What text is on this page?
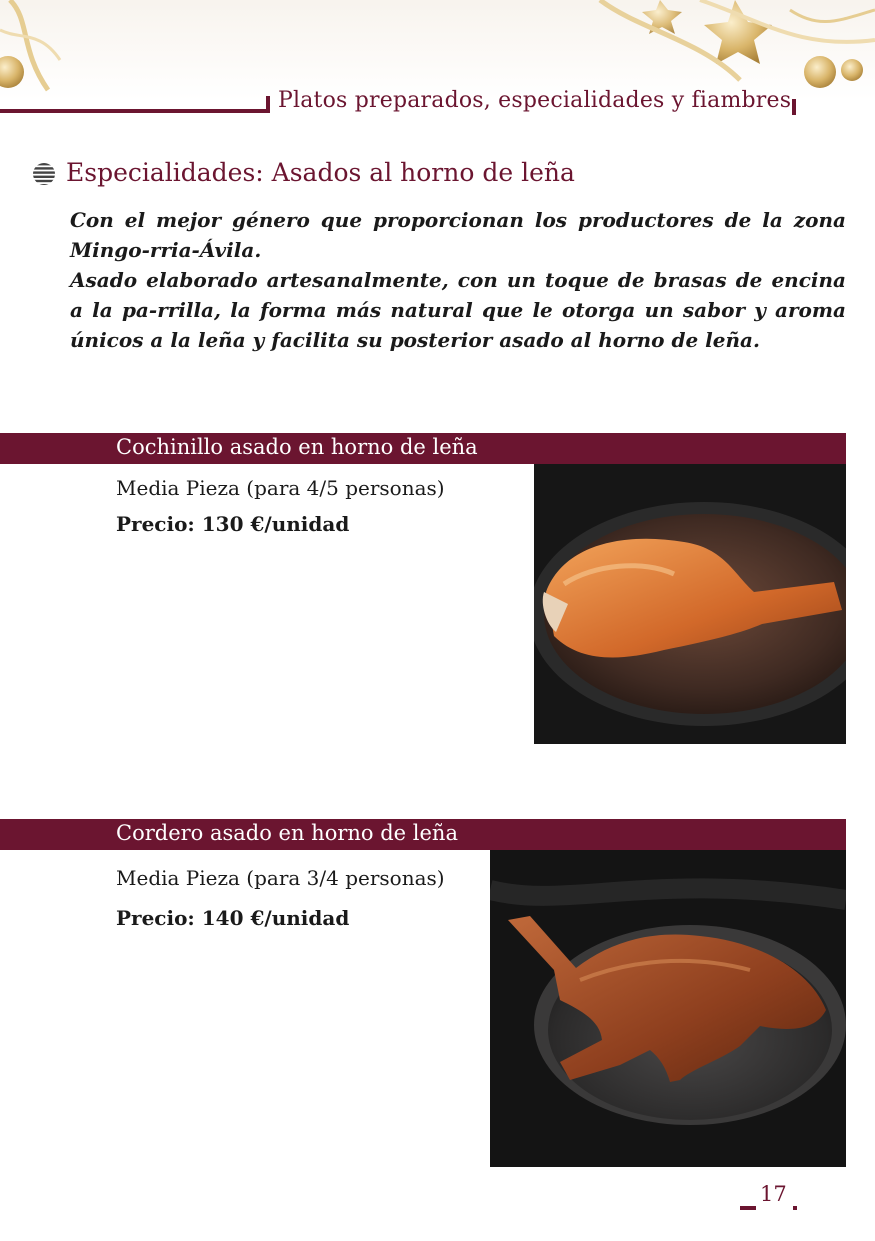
Platos preparados, especialidades y fiambres
Especialidades: Asados al horno de leña

Con el mejor género que proporcionan los productores de la zona Mingo-rria-Ávila.

Asado elaborado artesanalmente, con un toque de brasas de encina a la pa-rrilla, la forma más natural que le otorga un sabor y aroma únicos a la leña y facilita su posterior asado al horno de leña.

Cochinillo asado en horno de leña
Media Pieza (para 4/5 personas)
Precio: 130 €/unidad
Cordero asado en horno de leña
Media Pieza (para 3/4 personas)
Precio: 140 €/unidad
17
